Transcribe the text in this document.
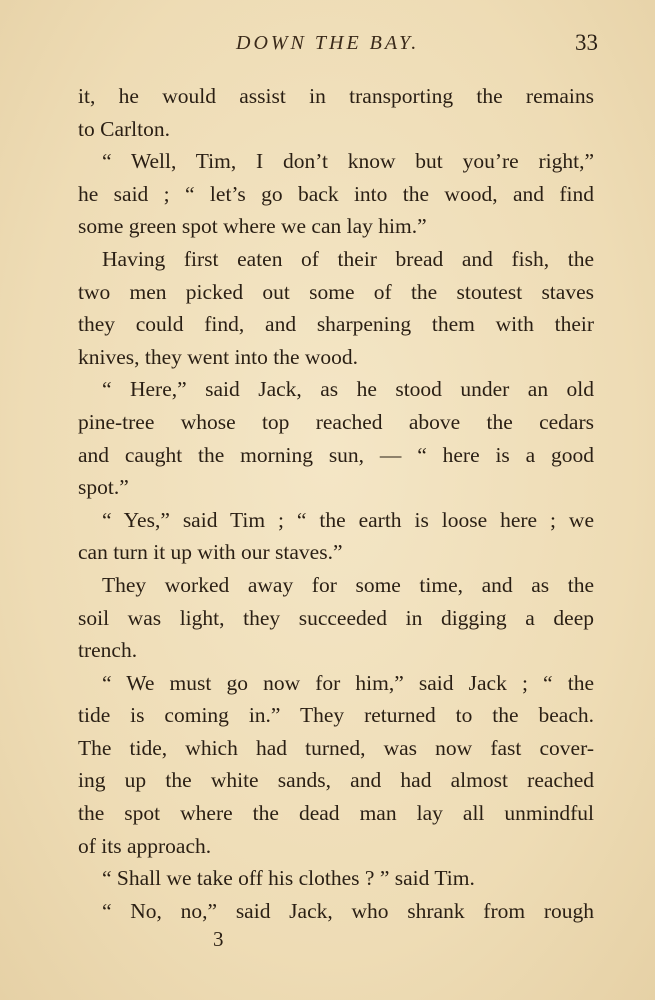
DOWN THE BAY.	33
it, he would assist in transporting the remains
to Carlton.
“ Well, Tim, I don’t know but you’re right,”
he said ; “ let’s go back into the wood, and find
some green spot where we can lay him.”
Having first eaten of their bread and fish, the
two men picked out some of the stoutest staves
they could find, and sharpening them with their
knives, they went into the wood.
“ Here,” said Jack, as he stood under an old
pine-tree whose top reached above the cedars
and caught the morning sun, — “ here is a good
spot.”
“ Yes,” said Tim ; “ the earth is loose here ; we
can turn it up with our staves.”
They worked away for some time, and as the
soil was light, they succeeded in digging a deep
trench.
“ We must go now for him,” said Jack ; “ the
tide is coming in.” They returned to the beach.
The tide, which had turned, was now fast cover-
ing up the white sands, and had almost reached
the spot where the dead man lay all unmindful
of its approach.
“ Shall we take off his clothes ? ” said Tim.
“ No, no,” said Jack, who shrank from rough
3
